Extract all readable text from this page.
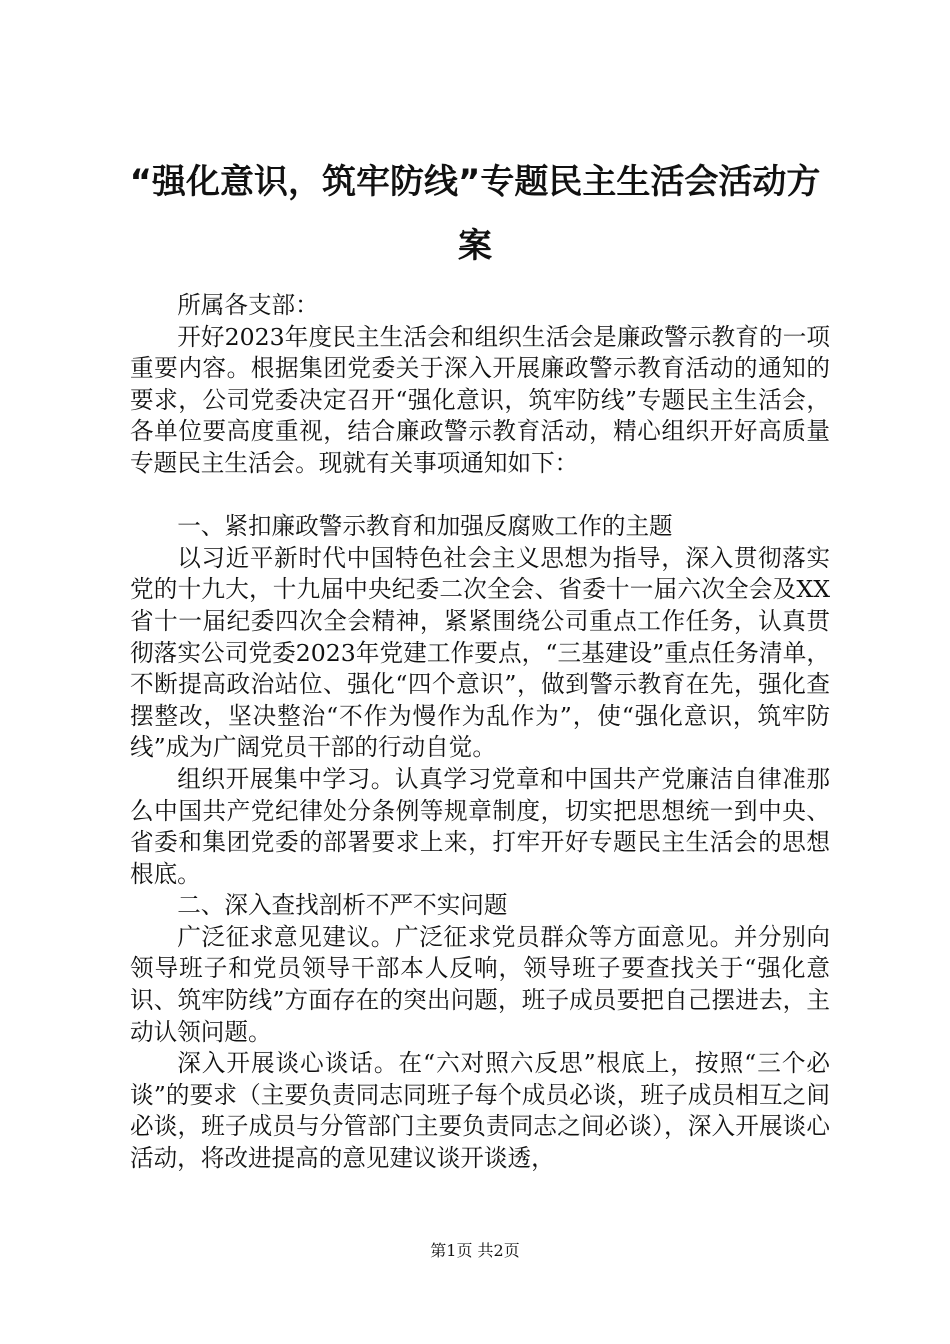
“强化意识，筑牢防线”专题民主生活会活动方案

所属各支部：

开好2023年度民主生活会和组织生活会是廉政警示教育的一项重要内容。根据集团党委关于深入开展廉政警示教育活动的通知的要求，公司党委决定召开“强化意识，筑牢防线”专题民主生活会，各单位要高度重视，结合廉政警示教育活动，精心组织开好高质量专题民主生活会。现就有关事项通知如下：

一、紧扣廉政警示教育和加强反腐败工作的主题

以习近平新时代中国特色社会主义思想为指导，深入贯彻落实党的十九大，十九届中央纪委二次全会、省委十一届六次全会及XX省十一届纪委四次全会精神，紧紧围绕公司重点工作任务，认真贯彻落实公司党委2023年党建工作要点，“三基建设”重点任务清单，不断提高政治站位、强化“四个意识”，做到警示教育在先，强化查摆整改，坚决整治“不作为慢作为乱作为”，使“强化意识，筑牢防线”成为广阔党员干部的行动自觉。

组织开展集中学习。认真学习党章和中国共产党廉洁自律准那么中国共产党纪律处分条例等规章制度，切实把思想统一到中央、省委和集团党委的部署要求上来，打牢开好专题民主生活会的思想根底。

二、深入查找剖析不严不实问题

广泛征求意见建议。广泛征求党员群众等方面意见。并分别向领导班子和党员领导干部本人反响，领导班子要查找关于“强化意识、筑牢防线”方面存在的突出问题，班子成员要把自己摆进去，主动认领问题。

深入开展谈心谈话。在“六对照六反思”根底上，按照“三个必谈”的要求（主要负责同志同班子每个成员必谈，班子成员相互之间必谈，班子成员与分管部门主要负责同志之间必谈），深入开展谈心活动，将改进提高的意见建议谈开谈透，

第1页 共2页
